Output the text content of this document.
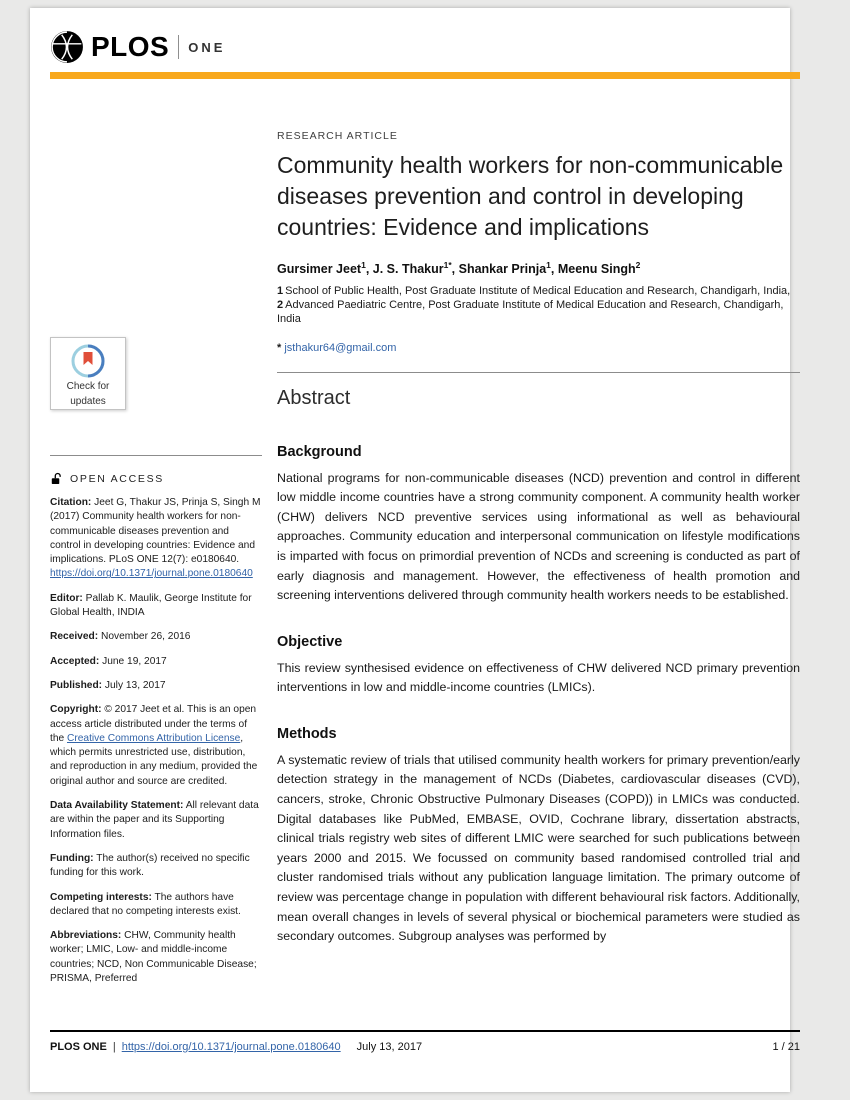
PLOS ONE
Check for
updates
OPEN ACCESS

Citation: Jeet G, Thakur JS, Prinja S, Singh M (2017) Community health workers for non-communicable diseases prevention and control in developing countries: Evidence and implications. PLoS ONE 12(7): e0180640. https://doi.org/10.1371/journal.pone.0180640

Editor: Pallab K. Maulik, George Institute for Global Health, INDIA

Received: November 26, 2016

Accepted: June 19, 2017

Published: July 13, 2017

Copyright: © 2017 Jeet et al. This is an open access article distributed under the terms of the Creative Commons Attribution License, which permits unrestricted use, distribution, and reproduction in any medium, provided the original author and source are credited.

Data Availability Statement: All relevant data are within the paper and its Supporting Information files.

Funding: The author(s) received no specific funding for this work.

Competing interests: The authors have declared that no competing interests exist.

Abbreviations: CHW, Community health worker; LMIC, Low- and middle-income countries; NCD, Non Communicable Disease; PRISMA, Preferred

RESEARCH ARTICLE
Community health workers for non-communicable diseases prevention and control in developing countries: Evidence and implications

Gursimer Jeet$^1$, J. S. Thakur$^{1*}$, Shankar Prinja$^1$, Meenu Singh$^2$

1 School of Public Health, Post Graduate Institute of Medical Education and Research, Chandigarh, India, 2 Advanced Paediatric Centre, Post Graduate Institute of Medical Education and Research, Chandigarh, India

* jsthakur64@gmail.com

Abstract
Background

National programs for non-communicable diseases (NCD) prevention and control in different low middle income countries have a strong community component. A community health worker (CHW) delivers NCD preventive services using informational as well as behavioural approaches. Community education and interpersonal communication on lifestyle modifications is imparted with focus on primordial prevention of NCDs and screening is conducted as part of early diagnosis and management. However, the effectiveness of health promotion and screening interventions delivered through community health workers needs to be established.

Objective

This review synthesised evidence on effectiveness of CHW delivered NCD primary prevention interventions in low and middle-income countries (LMICs).

Methods

A systematic review of trials that utilised community health workers for primary prevention/early detection strategy in the management of NCDs (Diabetes, cardiovascular diseases (CVD), cancers, stroke, Chronic Obstructive Pulmonary Diseases (COPD)) in LMICs was conducted. Digital databases like PubMed, EMBASE, OVID, Cochrane library, dissertation abstracts, clinical trials registry web sites of different LMIC were searched for such publications between years 2000 and 2015. We focussed on community based randomised controlled trial and cluster randomised trials without any publication language limitation. The primary outcome of review was percentage change in population with different behavioural risk factors. Additionally, mean overall changes in levels of several physical or biochemical parameters were studied as secondary outcomes. Subgroup analyses was performed by

PLOS ONE | https://doi.org/10.1371/journal.pone.0180640 July 13, 2017	1 / 21
